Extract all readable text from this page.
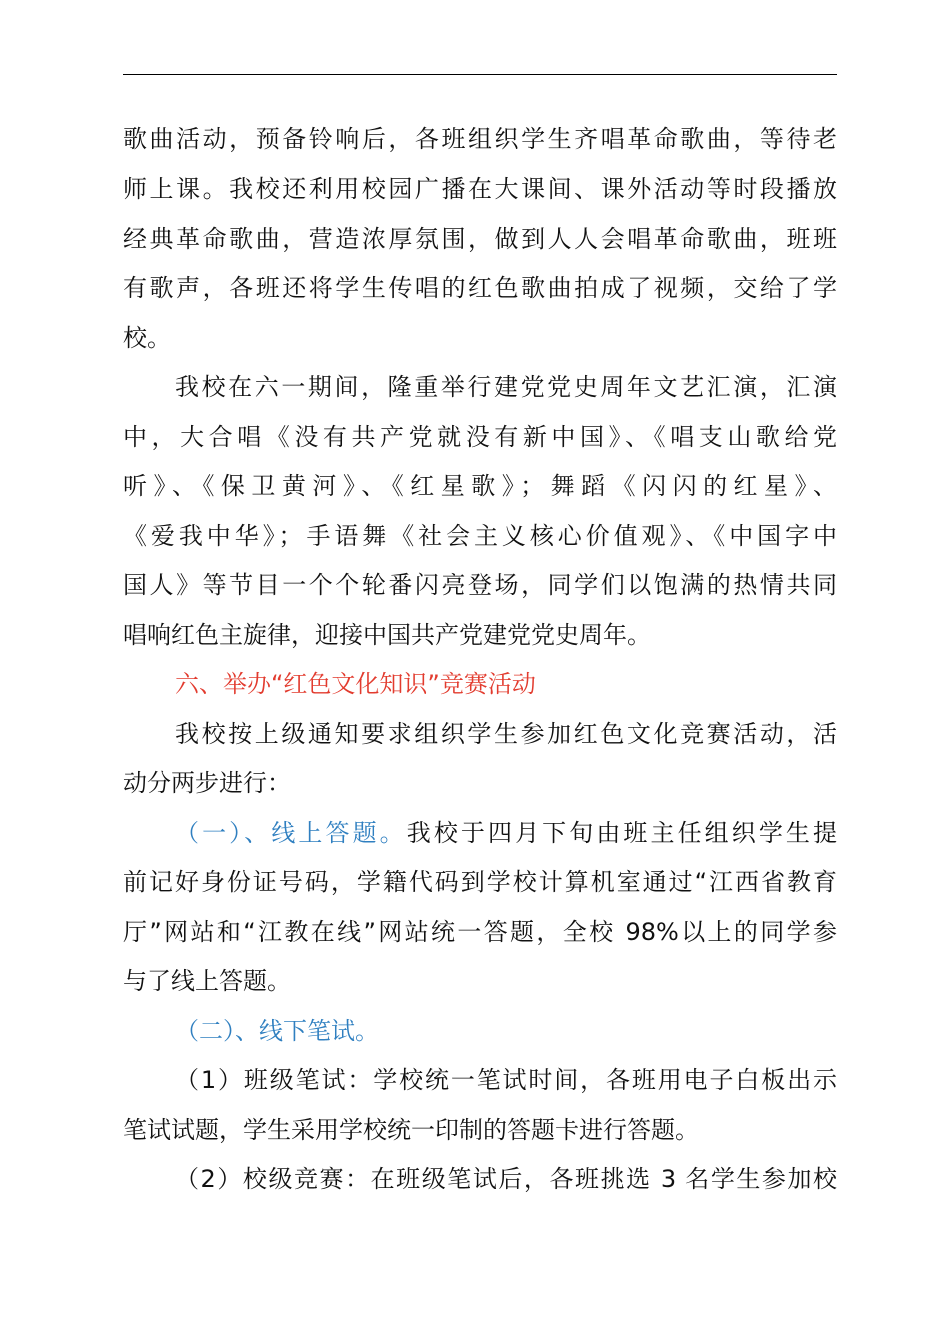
歌曲活动，预备铃响后，各班组织学生齐唱革命歌曲，等待老
师上课。我校还利用校园广播在大课间、课外活动等时段播放
经典革命歌曲，营造浓厚氛围，做到人人会唱革命歌曲，班班
有歌声，各班还将学生传唱的红色歌曲拍成了视频，交给了学
校。
我校在六一期间，隆重举行建党党史周年文艺汇演，汇演
中，大合唱《没有共产党就没有新中国》、《唱支山歌给党
听》、《保卫黄河》、《红星歌》；舞蹈《闪闪的红星》、
《爱我中华》；手语舞《社会主义核心价值观》、《中国字中
国人》等节目一个个轮番闪亮登场，同学们以饱满的热情共同
唱响红色主旋律，迎接中国共产党建党党史周年。
六、举办“红色文化知识”竞赛活动
我校按上级通知要求组织学生参加红色文化竞赛活动，活
动分两步进行：
（一）、线上答题。我校于四月下旬由班主任组织学生提
前记好身份证号码，学籍代码到学校计算机室通过“江西省教育
厅”网站和“江教在线”网站统一答题，全校 98%以上的同学参
与了线上答题。
（二）、线下笔试。
（1）班级笔试：学校统一笔试时间，各班用电子白板出示
笔试试题，学生采用学校统一印制的答题卡进行答题。
（2）校级竞赛：在班级笔试后，各班挑选 3 名学生参加校
